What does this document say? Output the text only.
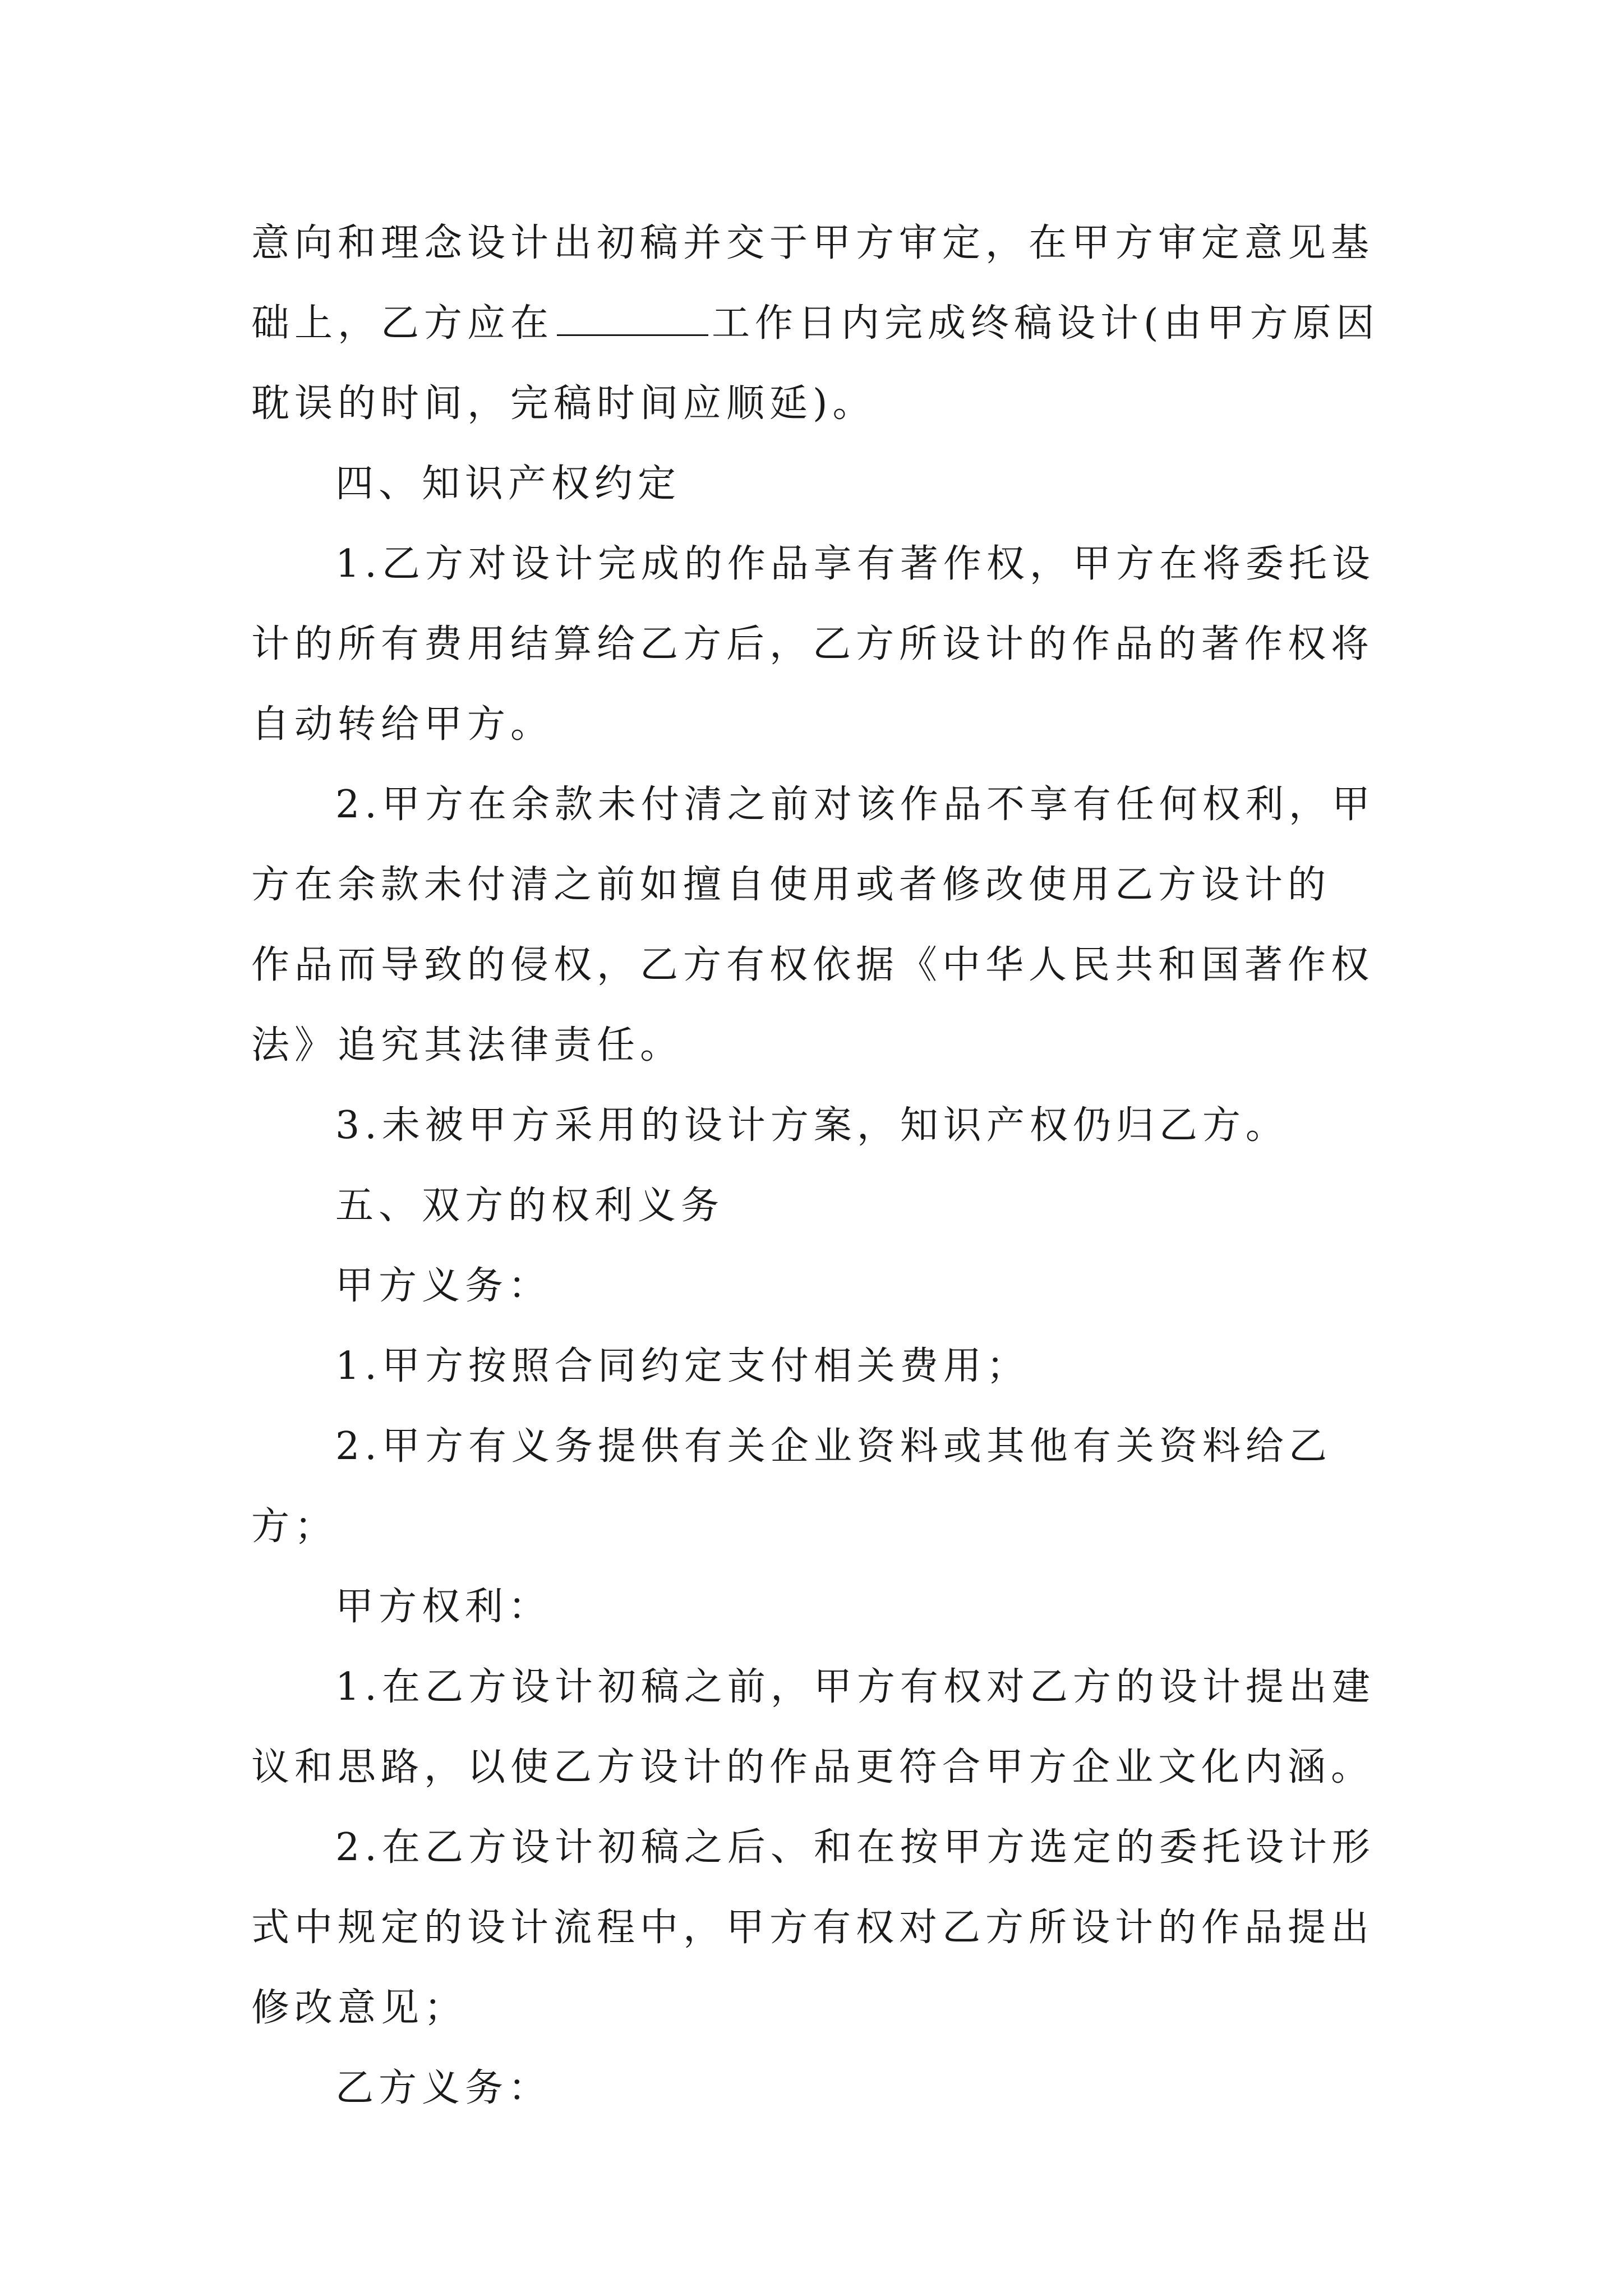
意向和理念设计出初稿并交于甲方审定，在甲方审定意见基
础上，乙方应在	工作日内完成终稿设计(由甲方原因
耽误的时间，完稿时间应顺延)。
四、知识产权约定
1.乙方对设计完成的作品享有著作权，甲方在将委托设
计的所有费用结算给乙方后，乙方所设计的作品的著作权将
自动转给甲方。
2.甲方在余款未付清之前对该作品不享有任何权利，甲
方在余款未付清之前如擅自使用或者修改使用乙方设计的
作品而导致的侵权，乙方有权依据《中华人民共和国著作权
法》追究其法律责任。
3.未被甲方采用的设计方案，知识产权仍归乙方。
五、双方的权利义务
甲方义务：
1.甲方按照合同约定支付相关费用；
2.甲方有义务提供有关企业资料或其他有关资料给乙
方；
甲方权利：
1.在乙方设计初稿之前，甲方有权对乙方的设计提出建
议和思路，以使乙方设计的作品更符合甲方企业文化内涵。
2.在乙方设计初稿之后、和在按甲方选定的委托设计形
式中规定的设计流程中，甲方有权对乙方所设计的作品提出
修改意见；
乙方义务：
